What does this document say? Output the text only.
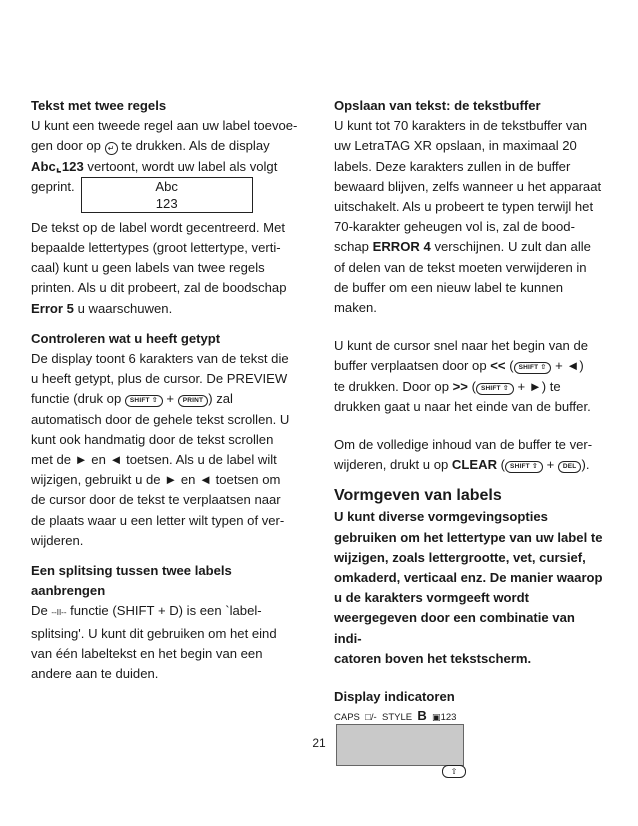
Tekst met twee regels

U kunt een tweede regel aan uw label toevoe-

gen door op ↵ te drukken. Als de display

Abc⌞123 vertoont, wordt uw label als volgt

geprint.	Abc
123

De tekst op de label wordt gecentreerd. Met

bepaalde lettertypes (groot lettertype, verti-

caal) kunt u geen labels van twee regels

printen. Als u dit probeert, zal de boodschap

Error 5 u waarschuwen.

Controleren wat u heeft getypt

De display toont 6 karakters van de tekst die

u heeft getypt, plus de cursor. De PREVIEW

functie (druk op SHIFT ⇧ + PRINT ) zal

automatisch door de gehele tekst scrollen. U

kunt ook handmatig door de tekst scrollen

met de ► en ◄ toetsen. Als u de label wilt

wijzigen, gebruikt u de ► en ◄ toetsen om

de cursor door de tekst te verplaatsen naar

de plaats waar u een letter wilt typen of ver-

wijderen.

Een splitsing tussen twee labels aanbrengen

De --II-- functie (SHIFT + D) is een `label-

splitsing'. U kunt dit gebruiken om het eind

van één labeltekst en het begin van een

andere aan te duiden.

Opslaan van tekst: de tekstbuffer

U kunt tot 70 karakters in de tekstbuffer van

uw LetraTAG XR opslaan, in maximaal 20

labels. Deze karakters zullen in de buffer

bewaard blijven, zelfs wanneer u het apparaat

uitschakelt. Als u probeert te typen terwijl het

70-karakter geheugen vol is, zal de bood-

schap ERROR 4 verschijnen. U zult dan alle

of delen van de tekst moeten verwijderen in

de buffer om een nieuw label te kunnen

maken.

U kunt de cursor snel naar het begin van de

buffer verplaatsen door op << ( SHIFT ⇧ + ◄)

te drukken. Door op >> ( SHIFT ⇧ + ►) te

drukken gaat u naar het einde van de buffer.

Om de volledige inhoud van de buffer te ver-

wijderen, drukt u op CLEAR ( SHIFT ⇧ + DEL ).

Vormgeven van labels

U kunt diverse vormgevingsopties

gebruiken om het lettertype van uw label te

wijzigen, zoals lettergrootte, vet, cursief,

omkaderd, verticaal enz. De manier waarop

u de karakters vormgeeft wordt

weergegeven door een combinatie van indi-

catoren boven het tekstscherm.

Display indicatoren
CAPS □/- STYLE B ▣123
⇧
21
